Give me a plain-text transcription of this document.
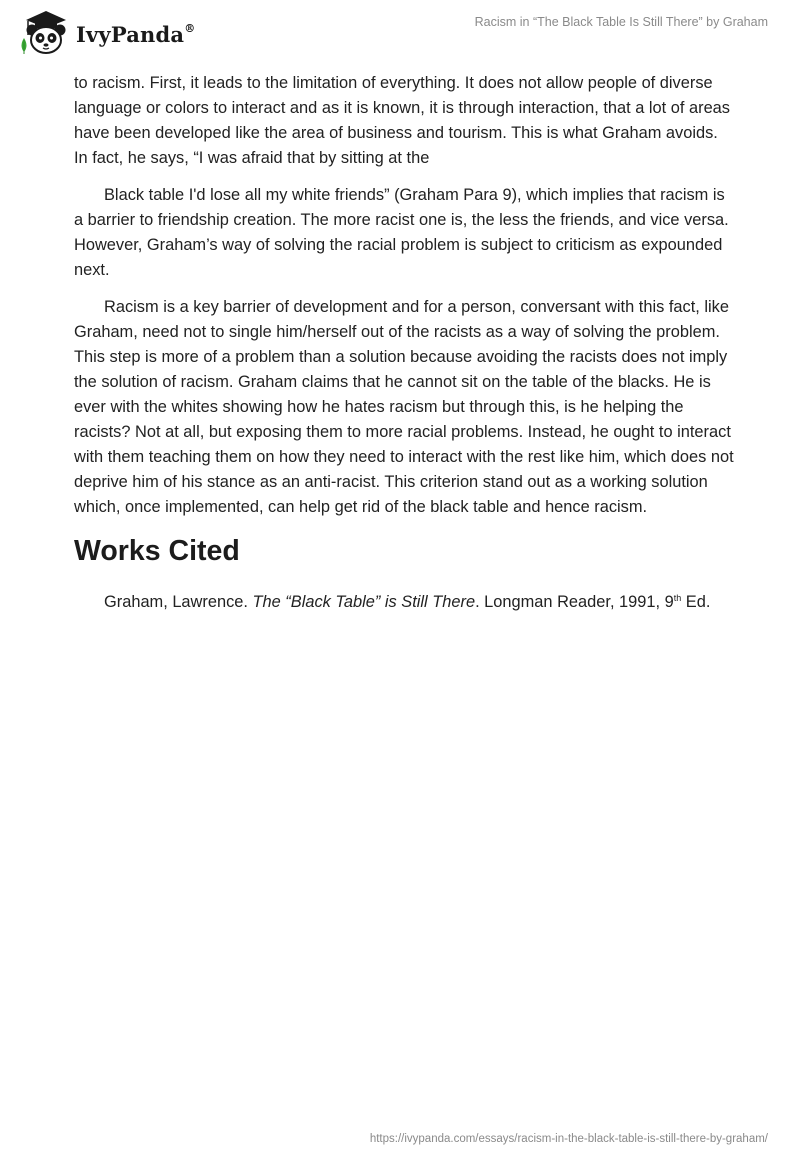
IvyPanda®	Racism in “The Black Table Is Still There” by Graham

to racism. First, it leads to the limitation of everything. It does not allow people of diverse language or colors to interact and as it is known, it is through interaction, that a lot of areas have been developed like the area of business and tourism. This is what Graham avoids. In fact, he says, “I was afraid that by sitting at the

Black table I'd lose all my white friends” (Graham Para 9), which implies that racism is a barrier to friendship creation. The more racist one is, the less the friends, and vice versa. However, Graham’s way of solving the racial problem is subject to criticism as expounded next.

Racism is a key barrier of development and for a person, conversant with this fact, like Graham, need not to single him/herself out of the racists as a way of solving the problem. This step is more of a problem than a solution because avoiding the racists does not imply the solution of racism. Graham claims that he cannot sit on the table of the blacks. He is ever with the whites showing how he hates racism but through this, is he helping the racists? Not at all, but exposing them to more racial problems. Instead, he ought to interact with them teaching them on how they need to interact with the rest like him, which does not deprive him of his stance as an anti-racist. This criterion stand out as a working solution which, once implemented, can help get rid of the black table and hence racism.

Works Cited

Graham, Lawrence. The “Black Table” is Still There. Longman Reader, 1991, 9th Ed.

https://ivypanda.com/essays/racism-in-the-black-table-is-still-there-by-graham/
